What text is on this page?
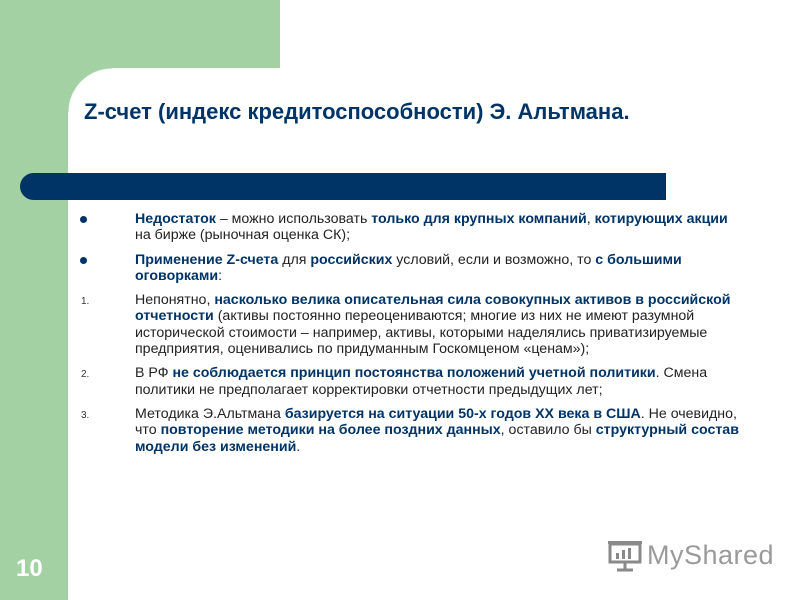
Z-счет (индекс кредитоспособности) Э. Альтмана.
Недостаток – можно использовать только для крупных компаний, котирующих акции на бирже (рыночная оценка СК);
Применение Z-счета для российских условий, если и возможно, то с большими оговорками:
1.	Непонятно, насколько велика описательная сила совокупных активов в российской отчетности (активы постоянно переоцениваются; многие из них не имеют разумной исторической стоимости – например, активы, которыми наделялись приватизируемые предприятия, оценивались по придуманным Госкомценом «ценам»);
2.	В РФ не соблюдается принцип постоянства положений учетной политики. Смена политики не предполагает корректировки отчетности предыдущих лет;
3.	Методика Э.Альтмана базируется на ситуации 50-х годов ХХ века в США. Не очевидно, что повторение методики на более поздних данных, оставило бы структурный состав модели без изменений.
10	MyShared
